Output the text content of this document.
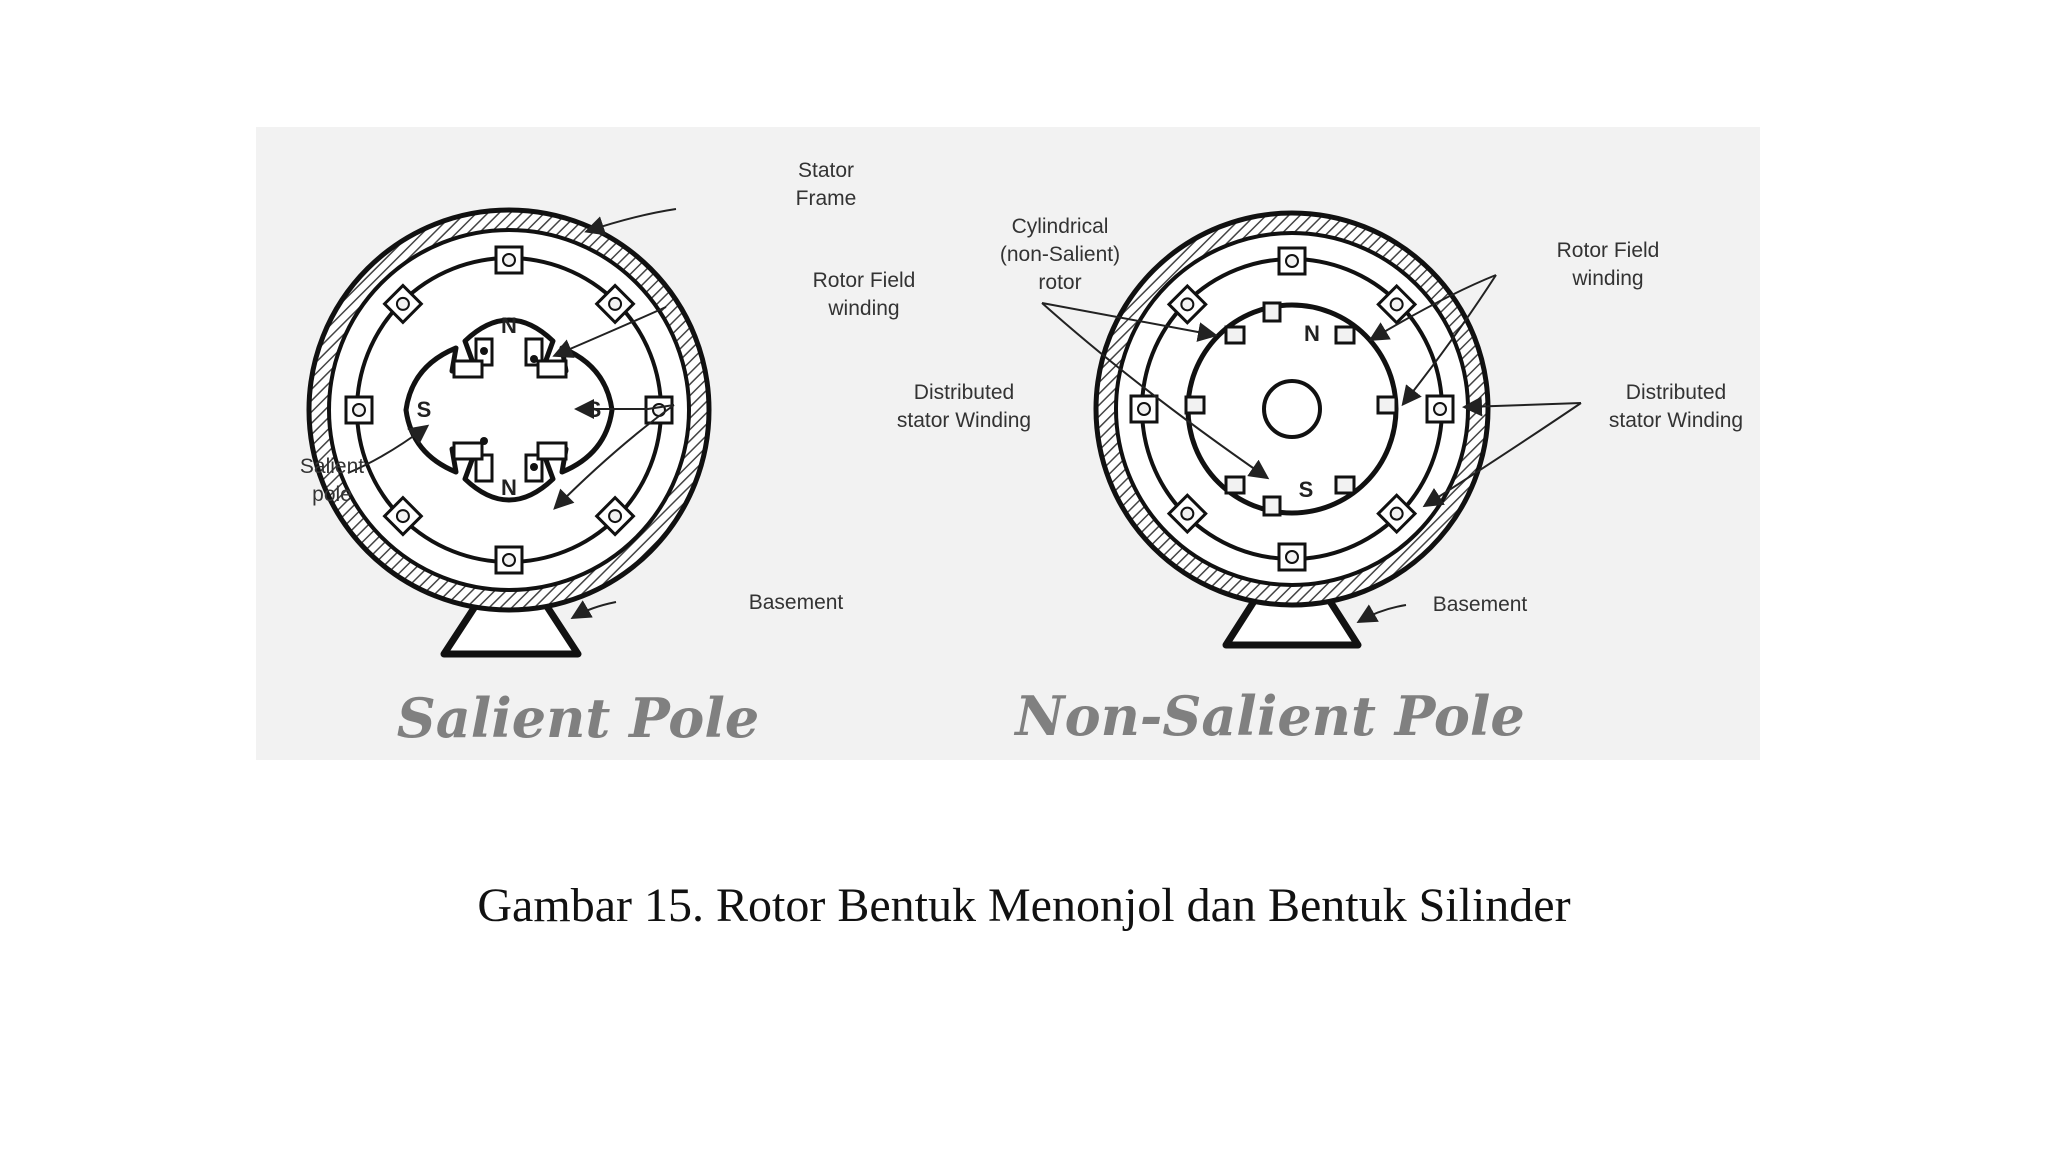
N
N
S	S
Stator
Frame
Rotor Field
winding
Distributed
stator Winding
Salient
pole
Basement
Salient Pole
N
S
Cylindrical
(non-Salient)
rotor
Rotor Field
winding
Distributed
stator Winding
Basement
Non-Salient Pole
Gambar 15. Rotor Bentuk Menonjol dan Bentuk Silinder
